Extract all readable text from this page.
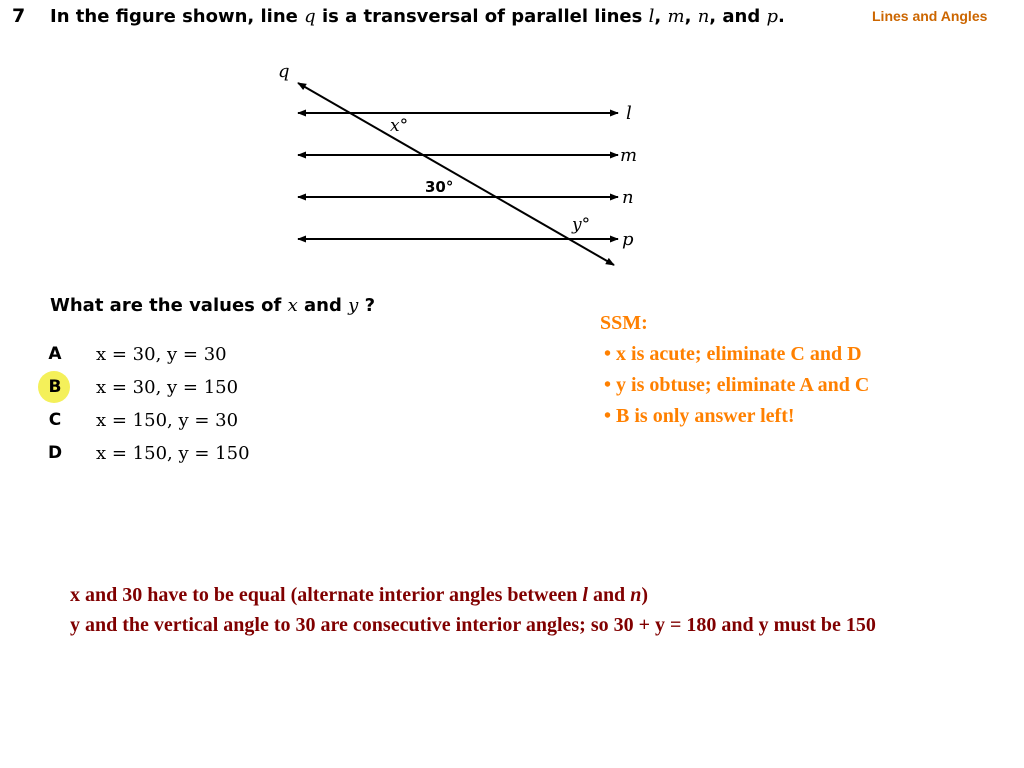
7 In the figure shown, line q is a transversal of parallel lines l, m, n, and p.	Lines and Angles
q
l
m
n
p
x°
30°
y°
What are the values of x and y ?
A	x = 30, y = 30
B	x = 30, y = 150
C	x = 150, y = 30
D	x = 150, y = 150
SSM:
• x is acute; eliminate C and D
• y is obtuse; eliminate A and C
• B is only answer left!
x and 30 have to be equal (alternate interior angles between l and n)
y and the vertical angle to 30 are consecutive interior angles; so 30 + y = 180 and y must be 150
